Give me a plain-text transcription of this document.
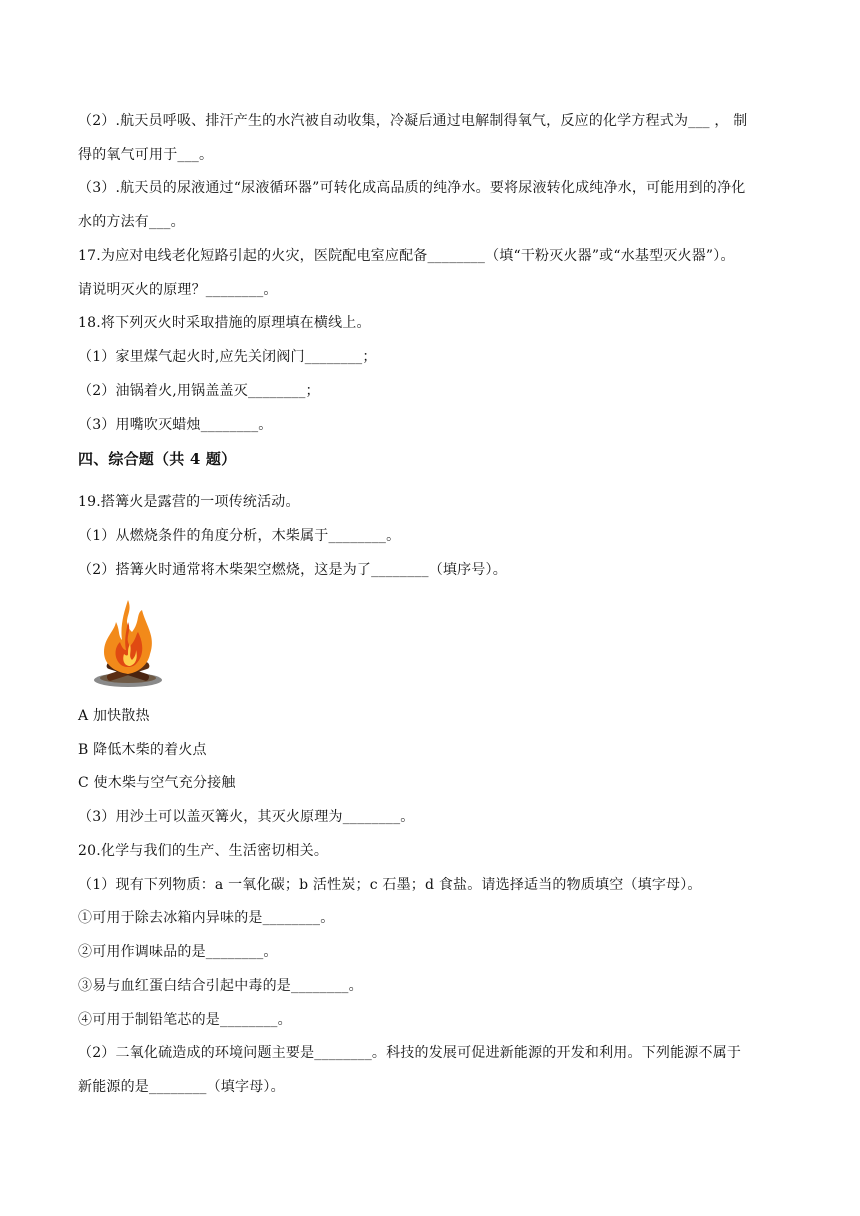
（2）.航天员呼吸、排汗产生的水汽被自动收集，冷凝后通过电解制得氧气，反应的化学方程式为___ ， 制
得的氧气可用于___。
（3）.航天员的尿液通过“尿液循环器”可转化成高品质的纯净水。要将尿液转化成纯净水，可能用到的净化
水的方法有___。
17.为应对电线老化短路引起的火灾，医院配电室应配备________（填“干粉灭火器”或“水基型灭火器”）。
请说明灭火的原理？________。
18.将下列灭火时采取措施的原理填在横线上。
（1）家里煤气起火时,应先关闭阀门________；
（2）油锅着火,用锅盖盖灭________；
（3）用嘴吹灭蜡烛________。
四、综合题（共 4 题）
19.搭篝火是露营的一项传统活动。
（1）从燃烧条件的角度分析，木柴属于________。
（2）搭篝火时通常将木柴架空燃烧，这是为了________（填序号）。
A 加快散热
B 降低木柴的着火点
C 使木柴与空气充分接触
（3）用沙土可以盖灭篝火，其灭火原理为________。
20.化学与我们的生产、生活密切相关。
（1）现有下列物质：a 一氧化碳；b 活性炭；c 石墨；d 食盐。请选择适当的物质填空（填字母）。
①可用于除去冰箱内异味的是________。
②可用作调味品的是________。
③易与血红蛋白结合引起中毒的是________。
④可用于制铅笔芯的是________。
（2）二氧化硫造成的环境问题主要是________。科技的发展可促进新能源的开发和利用。下列能源不属于
新能源的是________（填字母）。
